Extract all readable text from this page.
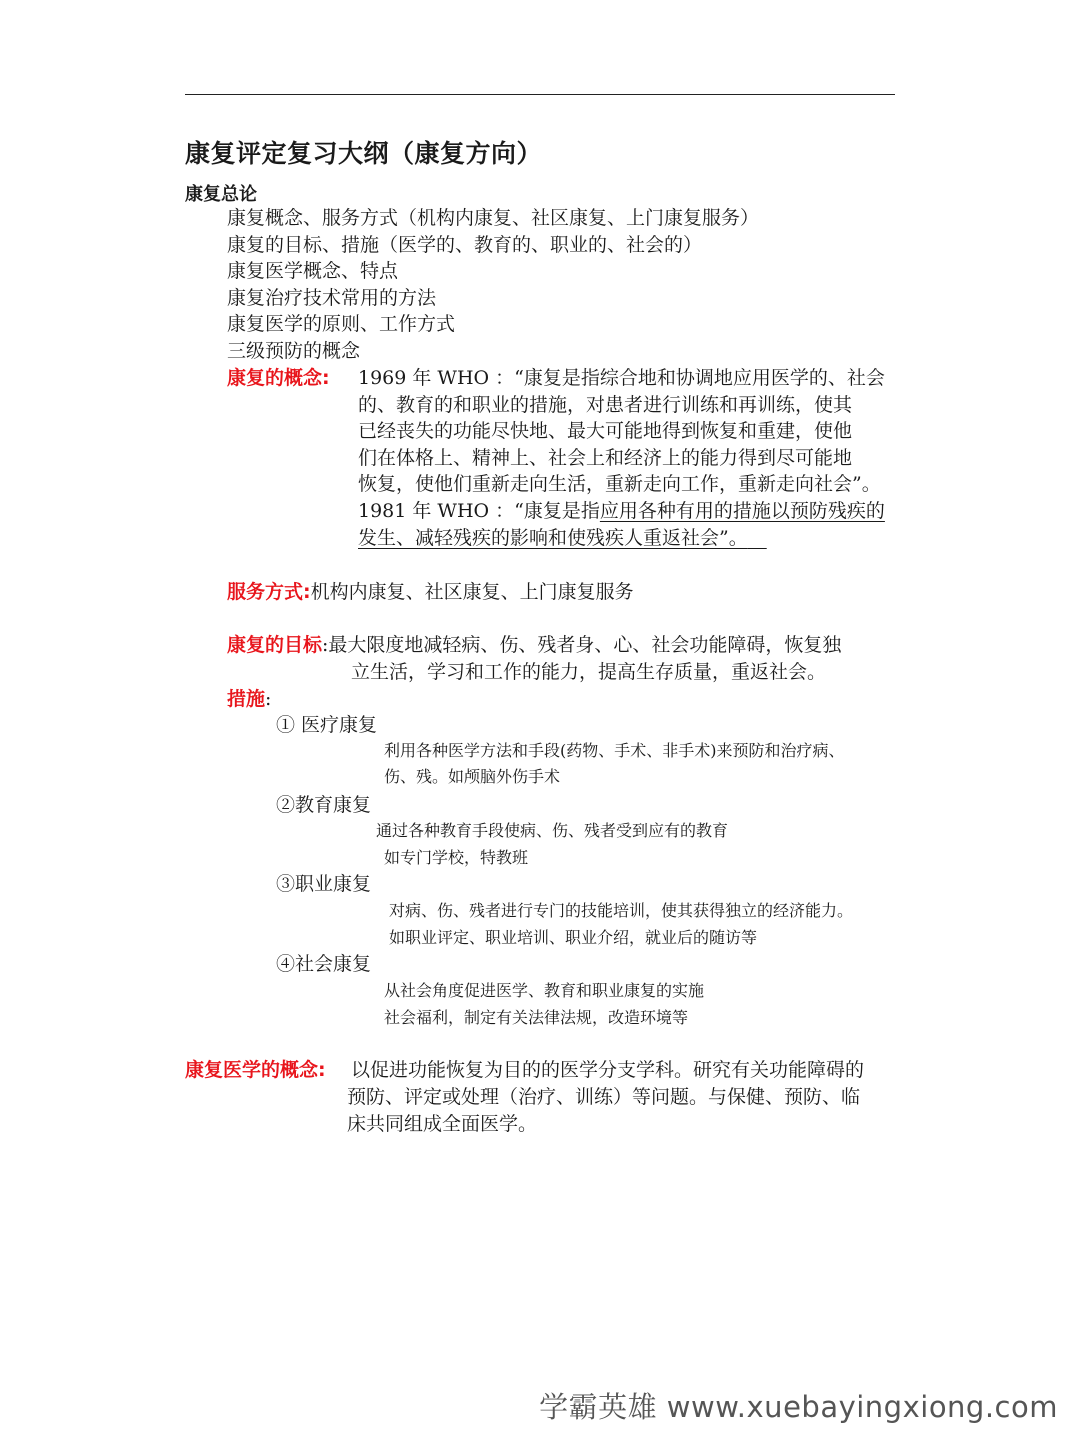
康复评定复习大纲（康复方向）
康复总论
康复概念、服务方式（机构内康复、社区康复、上门康复服务）
康复的目标、措施（医学的、教育的、职业的、社会的）
康复医学概念、特点
康复治疗技术常用的方法
康复医学的原则、工作方式
三级预防的概念
康复的概念: 1969 年 WHO ：“康复是指综合地和协调地应用医学的、社会
的、教育的和职业的措施，对患者进行训练和再训练，使其
已经丧失的功能尽快地、最大可能地得到恢复和重建，使他
们在体格上、精神上、社会上和经济上的能力得到尽可能地
恢复，使他们重新走向生活，重新走向工作，重新走向社会”。
1981 年 WHO ：“康复是指应用各种有用的措施以预防残疾的
发生、减轻残疾的影响和使残疾人重返社会”。 
服务方式:机构内康复、社区康复、上门康复服务
康复的目标:最大限度地减轻病、伤、残者身、心、社会功能障碍，恢复独
立生活，学习和工作的能力，提高生存质量，重返社会。
措施:
① 医疗康复
利用各种医学方法和手段(药物、手术、非手术)来预防和治疗病、
伤、残。如颅脑外伤手术
②教育康复
通过各种教育手段使病、伤、残者受到应有的教育
如专门学校，特教班
③职业康复
对病、伤、残者进行专门的技能培训，使其获得独立的经济能力。
如职业评定、职业培训、职业介绍，就业后的随访等
④社会康复
从社会角度促进医学、教育和职业康复的实施
社会福利，制定有关法律法规，改造环境等
康复医学的概念: 以促进功能恢复为目的的医学分支学科。研究有关功能障碍的
预防、评定或处理（治疗、训练）等问题。与保健、预防、临
床共同组成全面医学。
学霸英雄 www.xuebayingxiong.com
